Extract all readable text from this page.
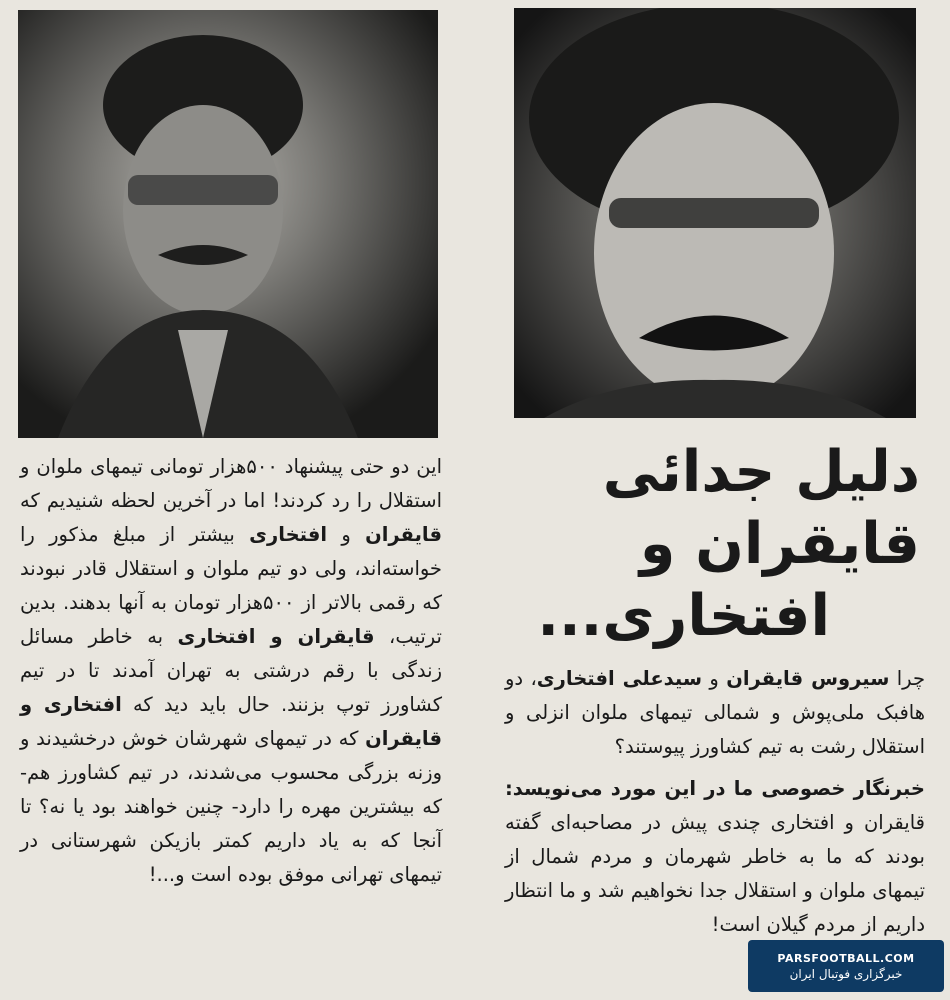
دلیل جدائی
قایقران و
افتخاری...

چرا سیروس قایقران و سیدعلی افتخاری، دو هافبک ملی‌پوش و شمالی تیمهای ملوان انزلی و استقلال رشت به تیم کشاورز پیوستند؟

خبرنگار خصوصی ما در این مورد می‌نویسد: قایقران و افتخاری چندی پیش در مصاحبه‌ای گفته بودند که ما به خاطر شهرمان و مردم شمال از تیمهای ملوان و استقلال جدا نخواهیم شد و ما انتظار داریم از مردم گیلان است!

این دو حتی پیشنهاد ۵۰۰هزار تومانی تیمهای ملوان و استقلال را رد کردند! اما در آخرین لحظه شنیدیم که قایقران و افتخاری بیشتر از مبلغ مذکور را خواسته‌اند، ولی دو تیم ملوان و استقلال قادر نبودند که رقمی بالاتر از ۵۰۰هزار تومان به آنها بدهند. بدین ترتیب، قایقران و افتخاری به خاطر مسائل زندگی با رقم درشتی به تهران آمدند تا در تیم کشاورز توپ بزنند. حال باید دید که افتخاری و قایقران که در تیمهای شهرشان خوش درخشیدند و وزنه بزرگی محسوب می‌شدند، در تیم کشاورز هم- که بیشترین مهره را دارد- چنین خواهند بود یا نه؟ تا آنجا که به یاد داریم کمتر بازیکن شهرستانی در تیمهای تهرانی موفق بوده است و...!

PARSFOOTBALL.COM
خبرگزاری فوتبال ایران
